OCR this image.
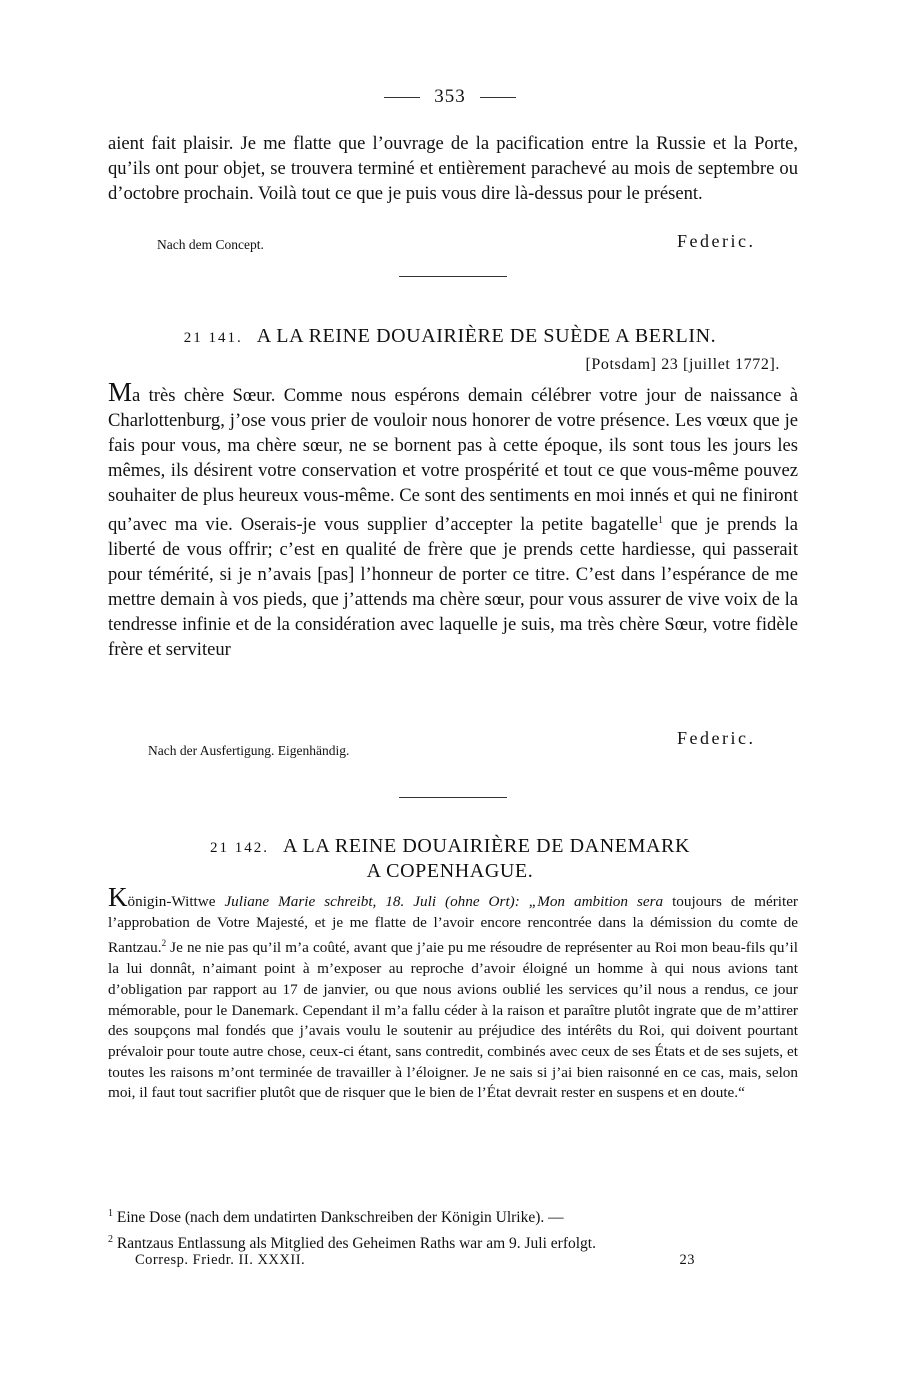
353

aient fait plaisir. Je me flatte que l’ouvrage de la pacification entre la Russie et la Porte, qu’ils ont pour objet, se trouvera terminé et entièrement parachevé au mois de septembre ou d’octobre prochain. Voilà tout ce que je puis vous dire là-dessus pour le présent.

Nach dem Concept.	Federic.
21 141. A LA REINE DOUAIRIÈRE DE SUÈDE A BERLIN.
[Potsdam] 23 [juillet 1772].

Ma très chère Sœur. Comme nous espérons demain célébrer votre jour de naissance à Charlottenburg, j’ose vous prier de vouloir nous honorer de votre présence. Les vœux que je fais pour vous, ma chère sœur, ne se bornent pas à cette époque, ils sont tous les jours les mêmes, ils désirent votre conservation et votre prospérité et tout ce que vous-même pouvez souhaiter de plus heureux vous-même. Ce sont des sentiments en moi innés et qui ne finiront qu’avec ma vie. Oserais-je vous supplier d’accepter la petite bagatelle$^1$ que je prends la liberté de vous offrir; c’est en qualité de frère que je prends cette hardiesse, qui passerait pour témérité, si je n’avais [pas] l’honneur de porter ce titre. C’est dans l’espérance de me mettre demain à vos pieds, que j’attends ma chère sœur, pour vous assurer de vive voix de la tendresse infinie et de la considération avec laquelle je suis, ma très chère Sœur, votre fidèle frère et serviteur

Federic.
Nach der Ausfertigung. Eigenhändig.
21 142. A LA REINE DOUAIRIÈRE DE DANEMARK
A COPENHAGUE.

Königin-Wittwe Juliane Marie schreibt, 18. Juli (ohne Ort): „Mon ambition sera toujours de mériter l’approbation de Votre Majesté, et je me flatte de l’avoir encore rencontrée dans la démission du comte de Rantzau.$^2$ Je ne nie pas qu’il m’a coûté, avant que j’aie pu me résoudre de représenter au Roi mon beau-fils qu’il la lui donnât, n’aimant point à m’exposer au reproche d’avoir éloigné un homme à qui nous avions tant d’obligation par rapport au 17 de janvier, ou que nous avions oublié les services qu’il nous a rendus, ce jour mémorable, pour le Danemark. Cependant il m’a fallu céder à la raison et paraître plutôt ingrate que de m’attirer des soupçons mal fondés que j’avais voulu le soutenir au préjudice des intérêts du Roi, qui doivent pourtant prévaloir pour toute autre chose, ceux-ci étant, sans contredit, combinés avec ceux de ses États et de ses sujets, et toutes les raisons m’ont terminée de travailler à l’éloigner. Je ne sais si j’ai bien raisonné en ce cas, mais, selon moi, il faut tout sacrifier plutôt que de risquer que le bien de l’État devrait rester en suspens et en doute.“

$^1$ Eine Dose (nach dem undatirten Dankschreiben der Königin Ulrike). —

$^2$ Rantzaus Entlassung als Mitglied des Geheimen Raths war am 9. Juli erfolgt.

Corresp. Friedr. II. XXXII.	23
